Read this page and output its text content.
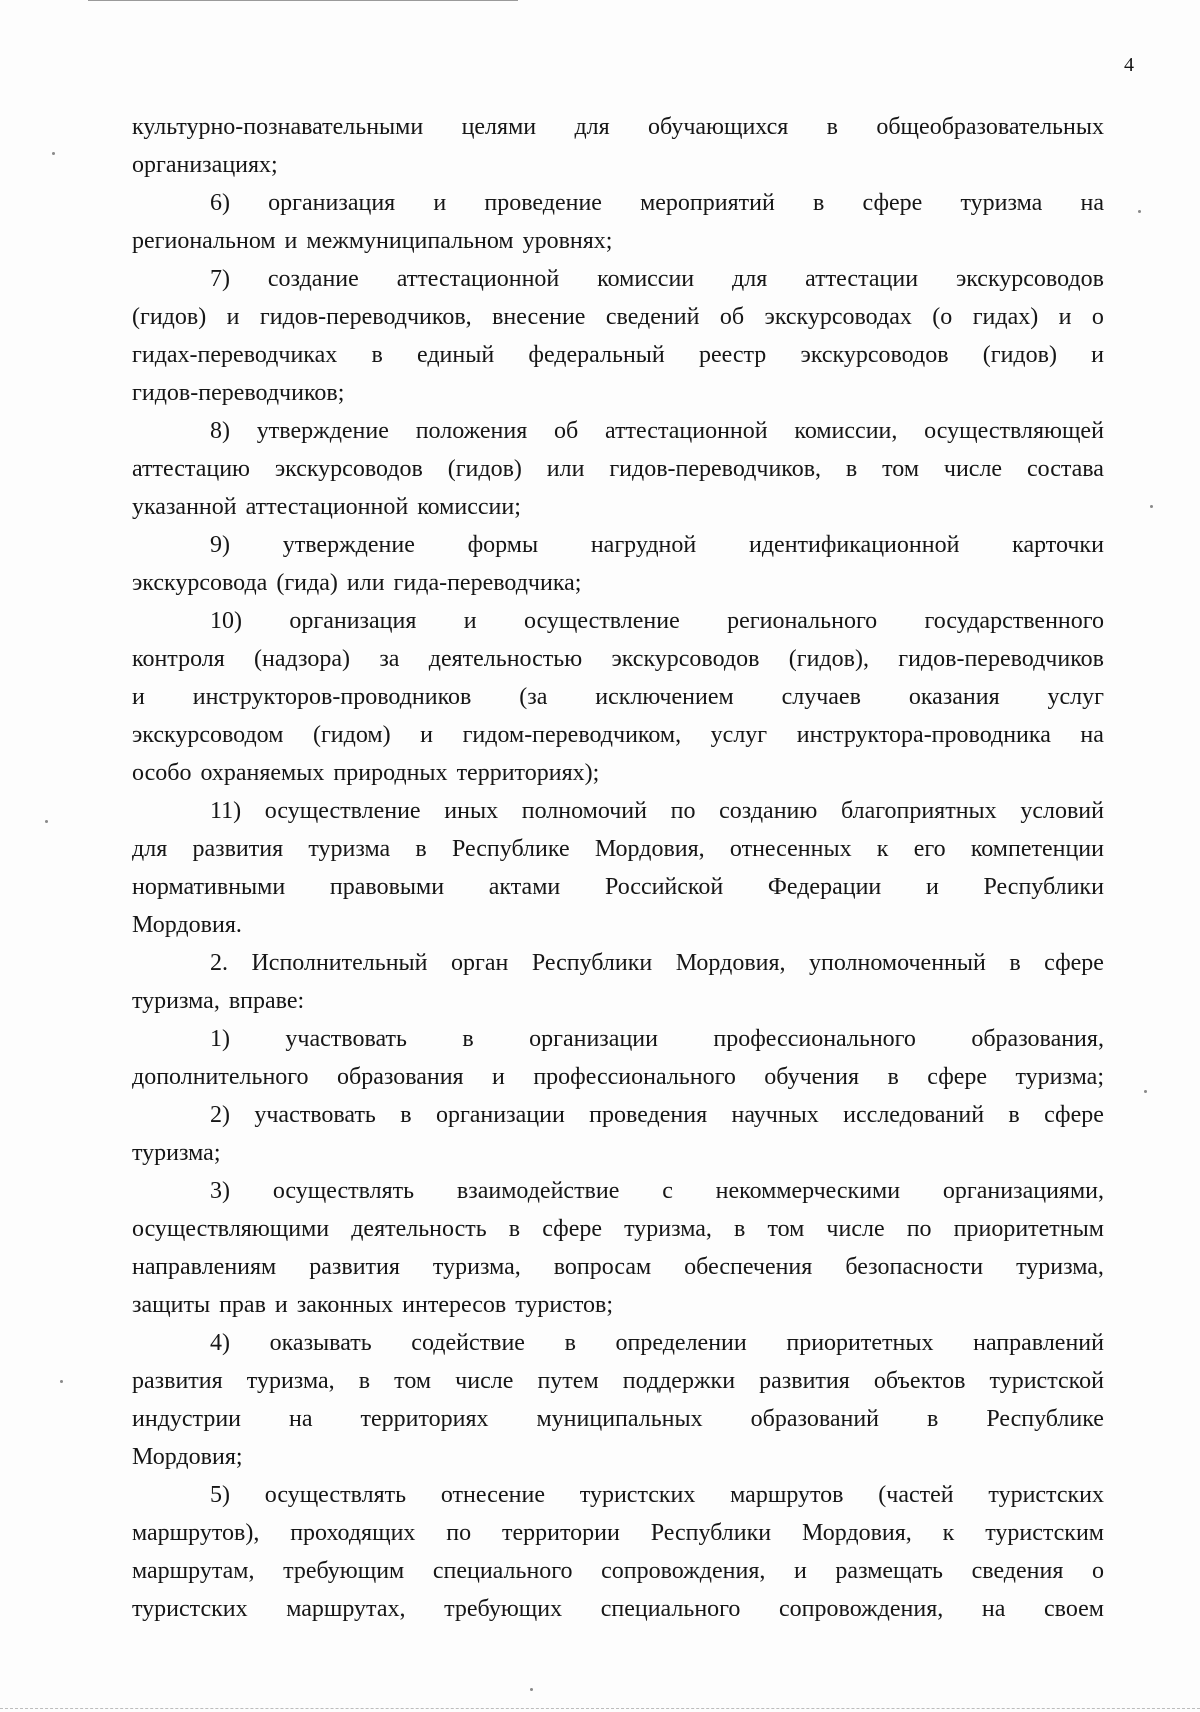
4
культурно-познавательными целями для обучающихся в общеобразовательных
организациях;
6) организация и проведение мероприятий в сфере туризма на
региональном и межмуниципальном уровнях;
7) создание аттестационной комиссии для аттестации экскурсоводов
(гидов) и гидов-переводчиков, внесение сведений об экскурсоводах (о гидах) и о
гидах-переводчиках в единый федеральный реестр экскурсоводов (гидов) и
гидов-переводчиков;
8) утверждение положения об аттестационной комиссии, осуществляющей
аттестацию экскурсоводов (гидов) или гидов-переводчиков, в том числе состава
указанной аттестационной комиссии;
9) утверждение формы нагрудной идентификационной карточки
экскурсовода (гида) или гида-переводчика;
10) организация и осуществление регионального государственного
контроля (надзора) за деятельностью экскурсоводов (гидов), гидов-переводчиков
и инструкторов-проводников (за исключением случаев оказания услуг
экскурсоводом (гидом) и гидом-переводчиком, услуг инструктора-проводника на
особо охраняемых природных территориях);
11) осуществление иных полномочий по созданию благоприятных условий
для развития туризма в Республике Мордовия, отнесенных к его компетенции
нормативными правовыми актами Российской Федерации и Республики
Мордовия.
2. Исполнительный орган Республики Мордовия, уполномоченный в сфере
туризма, вправе:
1) участвовать в организации профессионального образования,
дополнительного образования и профессионального обучения в сфере туризма;
2) участвовать в организации проведения научных исследований в сфере
туризма;
3) осуществлять взаимодействие с некоммерческими организациями,
осуществляющими деятельность в сфере туризма, в том числе по приоритетным
направлениям развития туризма, вопросам обеспечения безопасности туризма,
защиты прав и законных интересов туристов;
4) оказывать содействие в определении приоритетных направлений
развития туризма, в том числе путем поддержки развития объектов туристской
индустрии на территориях муниципальных образований в Республике
Мордовия;
5) осуществлять отнесение туристских маршрутов (частей туристских
маршрутов), проходящих по территории Республики Мордовия, к туристским
маршрутам, требующим специального сопровождения, и размещать сведения о
туристских маршрутах, требующих специального сопровождения, на своем
